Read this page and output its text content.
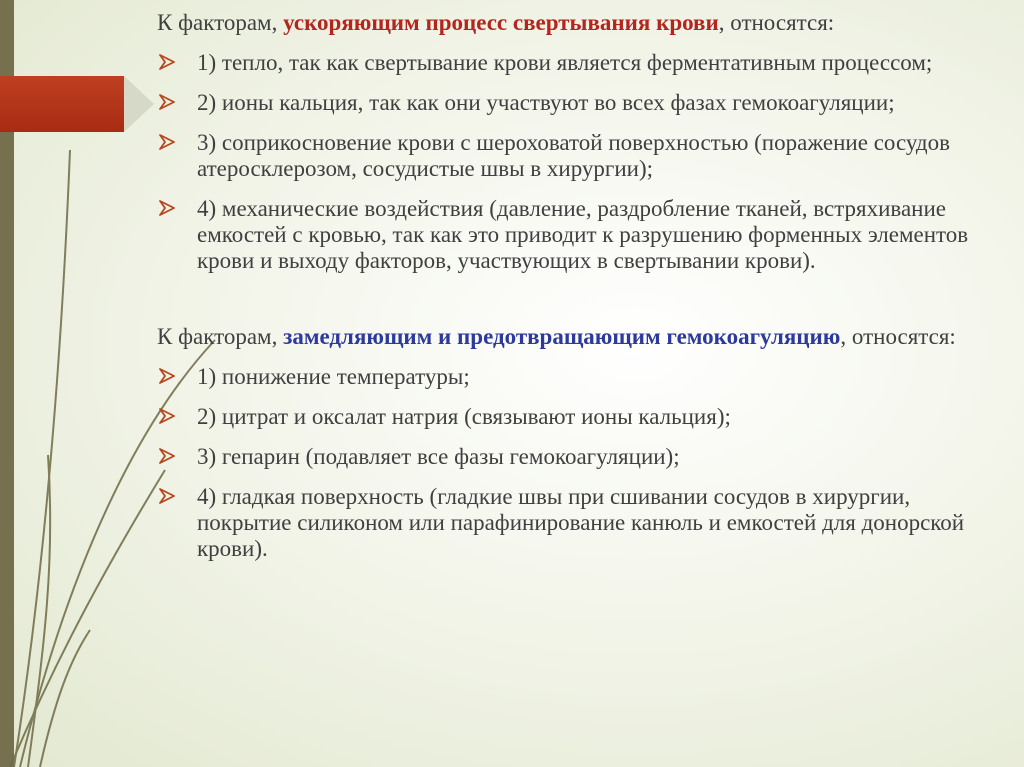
К факторам, ускоряющим процесс свертывания крови, относятся:

1) тепло, так как свертывание крови является ферментативным процессом;
2) ионы кальция, так как они участвуют во всех фазах гемокоагуляции;
3) соприкосновение крови с шероховатой поверхностью (поражение сосудов атеросклерозом, сосудистые швы в хирургии);
4) механические воздействия (давление, раздробление тканей, встряхивание емкостей с кровью, так как это приводит к разрушению форменных элементов крови и выходу факторов, участвующих в свертывании крови).

К факторам, замедляющим и предотвращающим гемокоагуляцию, относятся:

1) понижение температуры;
2) цитрат и оксалат натрия (связывают ионы кальция);
3) гепарин (подавляет все фазы гемокоагуляции);
4) гладкая поверхность (гладкие швы при сшивании сосудов в хирургии, покрытие силиконом или парафинирование канюль и емкостей для донорской крови).
